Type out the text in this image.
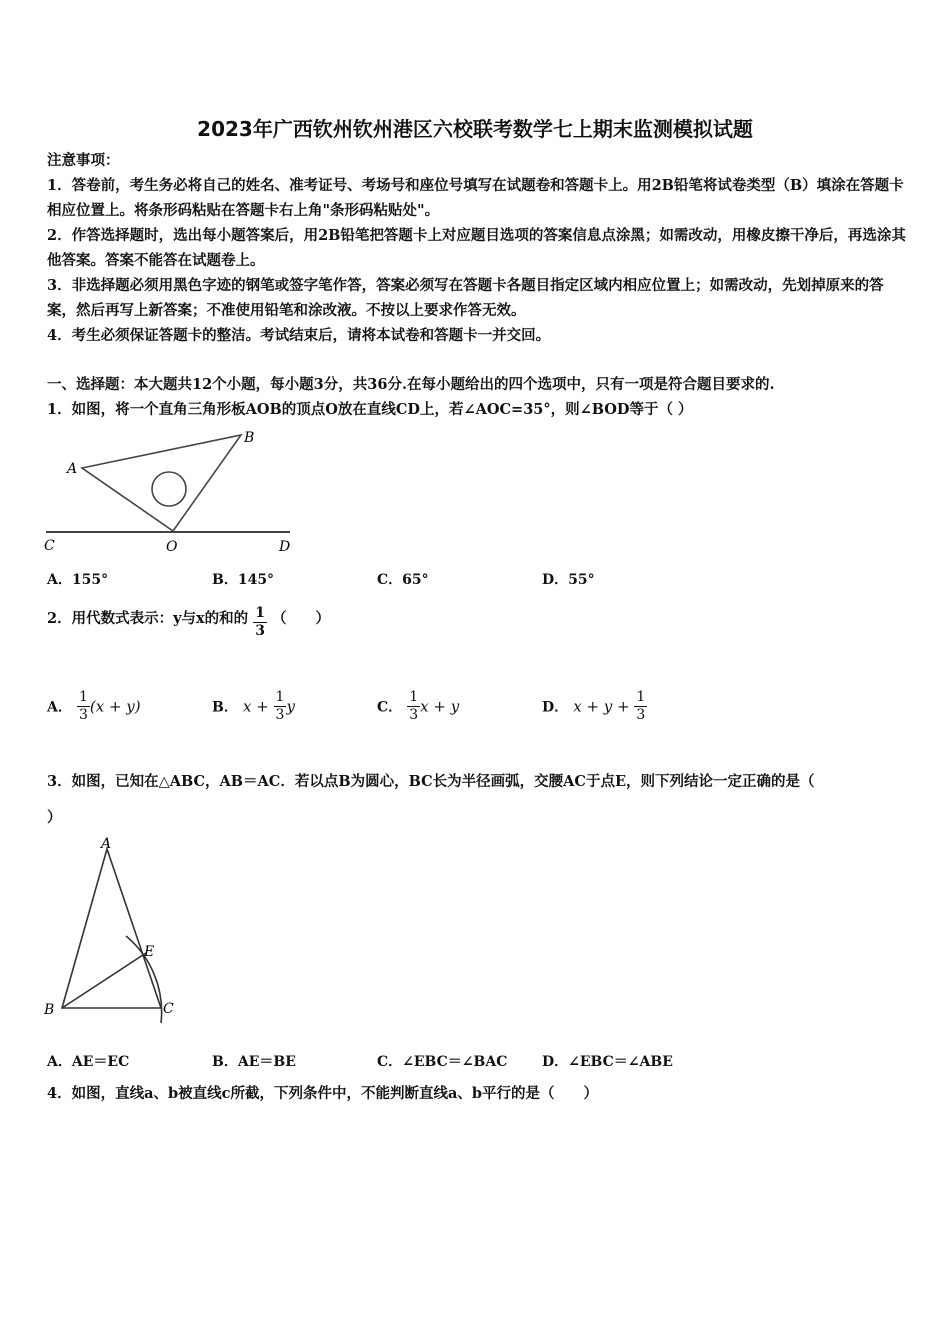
2023年广西钦州钦州港区六校联考数学七上期末监测模拟试题
注意事项：
1．答卷前，考生务必将自己的姓名、准考证号、考场号和座位号填写在试题卷和答题卡上。用2B铅笔将试卷类型（B）填涂在答题卡相应位置上。将条形码粘贴在答题卡右上角"条形码粘贴处"。
2．作答选择题时，选出每小题答案后，用2B铅笔把答题卡上对应题目选项的答案信息点涂黑；如需改动，用橡皮擦干净后，再选涂其他答案。答案不能答在试题卷上。
3．非选择题必须用黑色字迹的钢笔或签字笔作答，答案必须写在答题卡各题目指定区域内相应位置上；如需改动，先划掉原来的答案，然后再写上新答案；不准使用铅笔和涂改液。不按以上要求作答无效。
4．考生必须保证答题卡的整洁。考试结束后，请将本试卷和答题卡一并交回。
一、选择题：本大题共12个小题，每小题3分，共36分.在每小题给出的四个选项中，只有一项是符合题目要求的.
1．如图，将一个直角三角形板AOB的顶点O放在直线CD上，若∠AOC=35°，则∠BOD等于（ ）
A
B
C	O	D
A．155°	B．145°	C．65°	D．55°
2．用代数式表示：y与x的和的 $\frac{1}{3}$ （　　）
A． $\frac{1}{3} (x + y)$	B． $x + \frac{1}{3}$ y	C． $\frac{1}{3}$ x + y	D． $x + y + \frac{1}{3}$
3．如图，已知在△ABC，AB＝AC．若以点B为圆心，BC长为半径画弧，交腰AC于点E，则下列结论一定正确的是（
）
A
B	C
E
A．AE＝EC	B．AE＝BE	C．∠EBC＝∠BAC D．∠EBC＝∠ABE
4．如图，直线a、b被直线c所截，下列条件中，不能判断直线a、b平行的是（　　）
